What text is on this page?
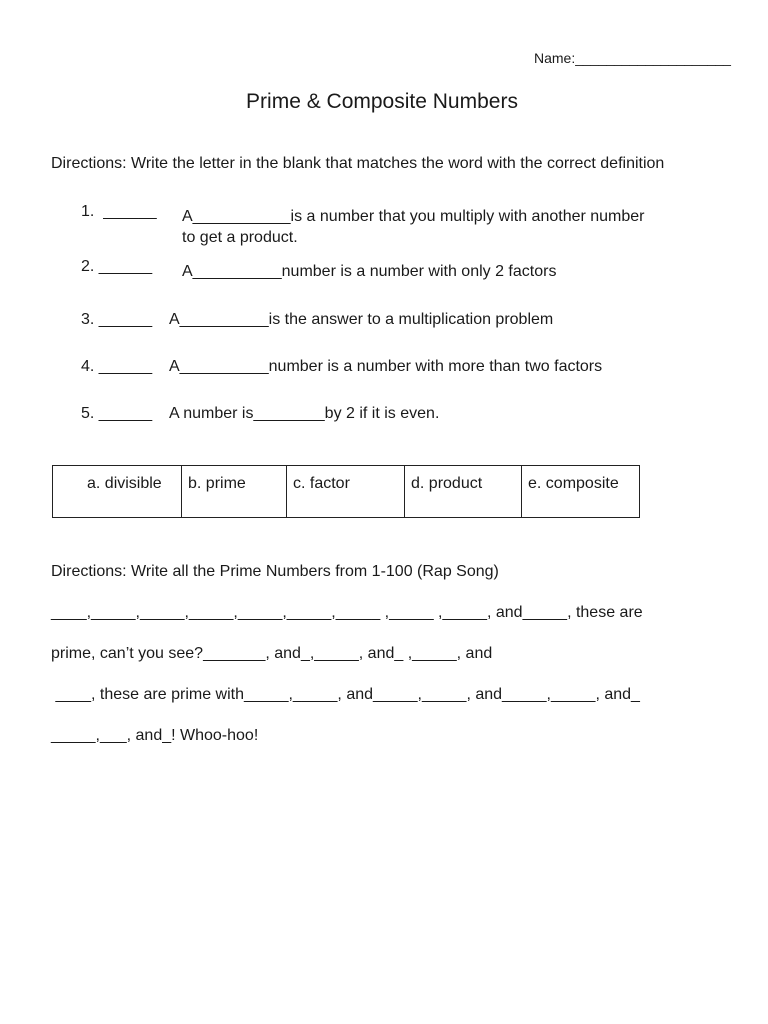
Name:____________________
Prime & Composite Numbers
Directions: Write the letter in the blank that matches the word with the correct definition
1.  ______ A___________is a number that you multiply with another number
to get a product.
2. ______ A__________number is a number with only 2 factors
3. ______ A__________is the answer to a multiplication problem
4. ______ A__________number is a number with more than two factors
5. ______ A number is________by 2 if it is even.
a. divisible	b. prime	c. factor	d. product	e. composite
Directions: Write all the Prime Numbers from 1-100 (Rap Song)
____,_____,_____,_____,_____,_____,_____ ,_____ ,_____, and_____, these are
prime, can’t you see?_______, and_,_____, and_ ,_____, and
____, these are prime with_____,_____, and_____,_____, and_____,_____, and_
_____,___, and_! Whoo-hoo!
